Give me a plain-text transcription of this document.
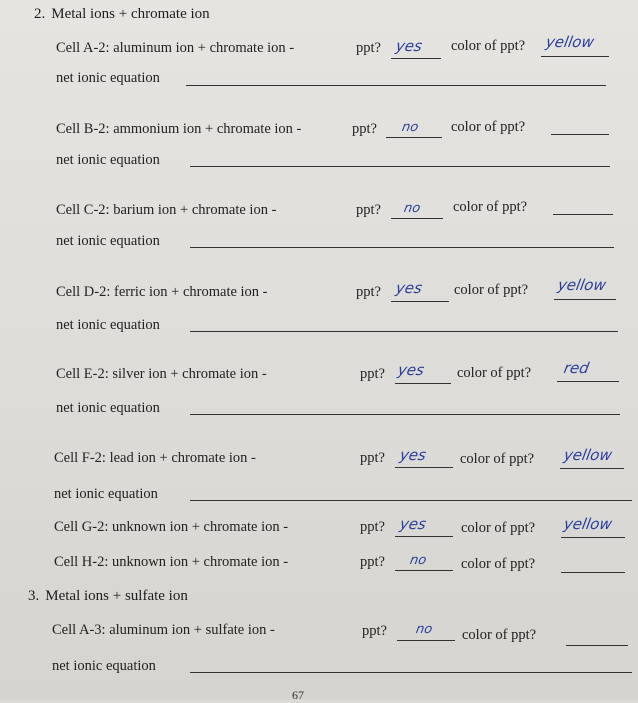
2. Metal ions + chromate ion
Cell A-2: aluminum ion + chromate ion -	ppt? yes color of ppt? yellow
net ionic equation
Cell B-2: ammonium ion + chromate ion -	ppt? no color of ppt?
net ionic equation
Cell C-2: barium ion + chromate ion -	ppt? no color of ppt?
net ionic equation
Cell D-2: ferric ion + chromate ion -	ppt? yes color of ppt? yellow
net ionic equation
Cell E-2: silver ion + chromate ion -	ppt? yes color of ppt? red
net ionic equation
Cell F-2: lead ion + chromate ion -	ppt? yes color of ppt? yellow
net ionic equation
Cell G-2: unknown ion + chromate ion -	ppt? yes color of ppt? yellow
Cell H-2: unknown ion + chromate ion -	ppt? no color of ppt?
3. Metal ions + sulfate ion
Cell A-3: aluminum ion + sulfate ion -	ppt? no color of ppt?
net ionic equation
67
